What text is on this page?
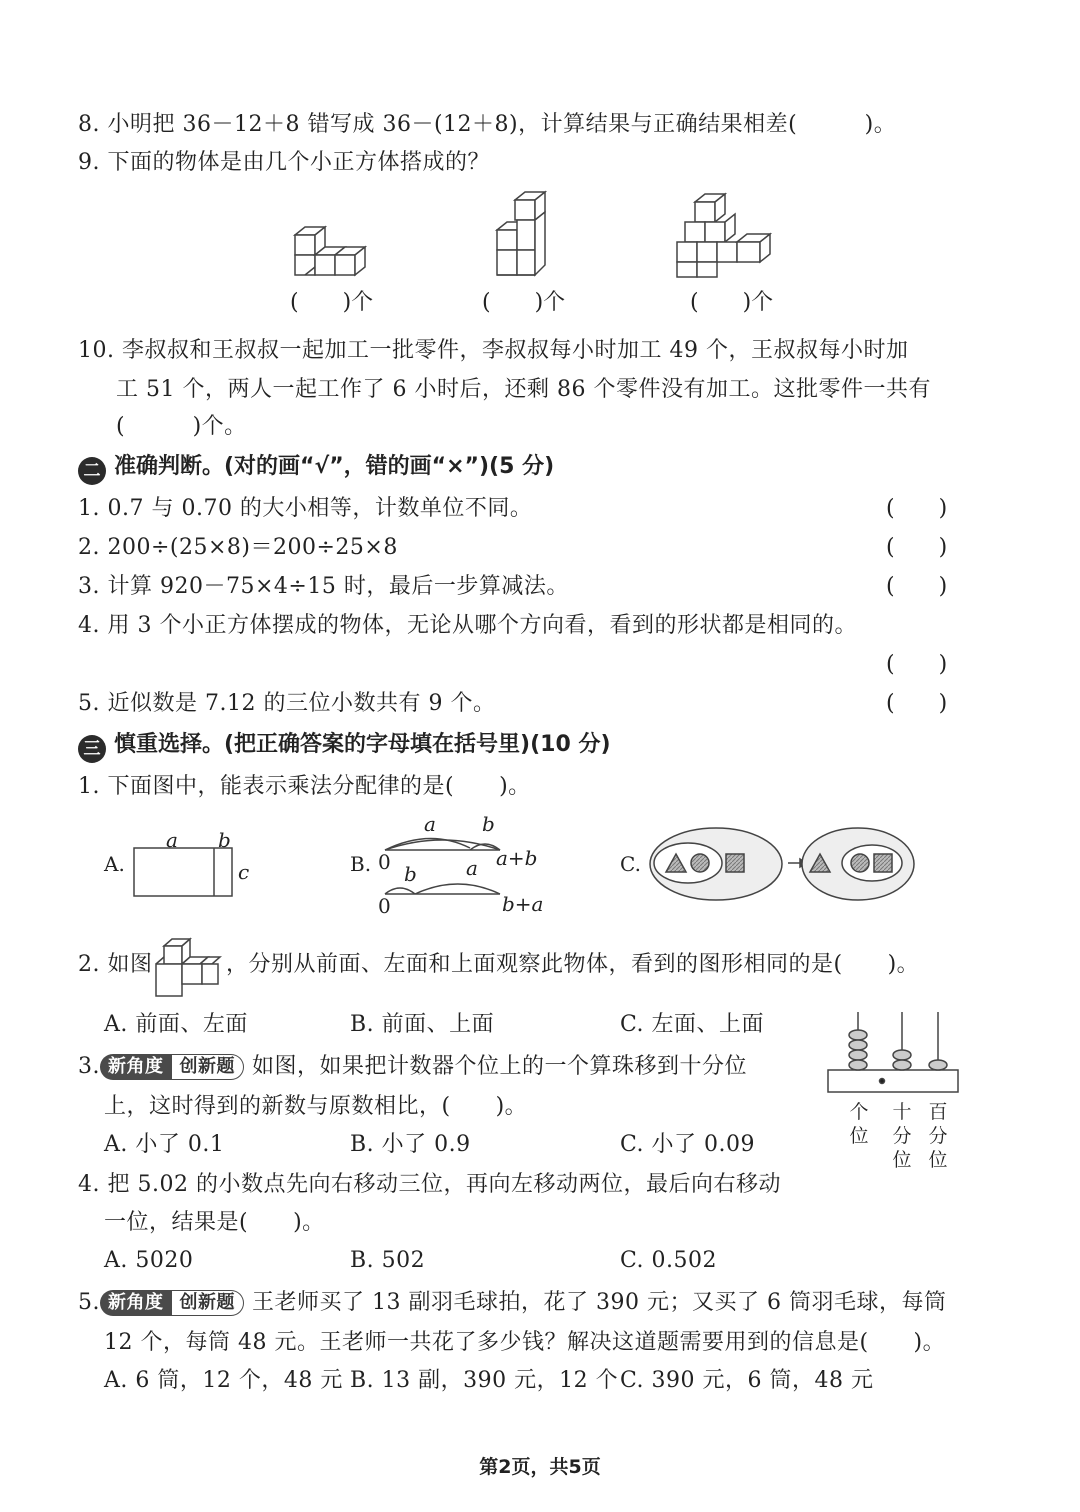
8. 小明把 36－12＋8 错写成 36－(12＋8)，计算结果与正确结果相差(　　　)。
9. 下面的物体是由几个小正方体搭成的？
(　　)个	(　　)个	(　　)个
10. 李叔叔和王叔叔一起加工一批零件，李叔叔每小时加工 49 个，王叔叔每小时加
工 51 个，两人一起工作了 6 小时后，还剩 86 个零件没有加工。这批零件一共有
(　　　)个。
二 准确判断。(对的画“√”，错的画“×”)(5 分)
1. 0.7 与 0.70 的大小相等，计数单位不同。	(　　)
2. 200÷(25×8)＝200÷25×8	(　　)
3. 计算 920－75×4÷15 时，最后一步算减法。	(　　)
4. 用 3 个小正方体摆成的物体，无论从哪个方向看，看到的形状都是相同的。
(　　)
5. 近似数是 7.12 的三位小数共有 9 个。	(　　)
三 慎重选择。(把正确答案的字母填在括号里)(10 分)
1. 下面图中，能表示乘法分配律的是(　　)。
A.
a b
c	B.
a b
0	a+b
b a
0	b+a
C.
2. 如图	，分别从前面、左面和上面观察此物体，看到的图形相同的是(　　)。
A. 前面、左面	B. 前面、上面	C. 左面、上面
3. 新角度 创新题 如图，如果把计数器个位上的一个算珠移到十分位
上，这时得到的新数与原数相比，(　　)。
A. 小了 0.1	B. 小了 0.9	C. 小了 0.09
个位
十分位
百分位
4. 把 5.02 的小数点先向右移动三位，再向左移动两位，最后向右移动
一位，结果是(　　)。
A. 5020	B. 502	C. 0.502
5. 新角度 创新题 王老师买了 13 副羽毛球拍，花了 390 元；又买了 6 筒羽毛球，每筒
12 个，每筒 48 元。王老师一共花了多少钱？解决这道题需要用到的信息是(　　)。
A. 6 筒，12 个，48 元 B. 13 副，390 元，12 个 C. 390 元，6 筒，48 元
第2页，共5页
